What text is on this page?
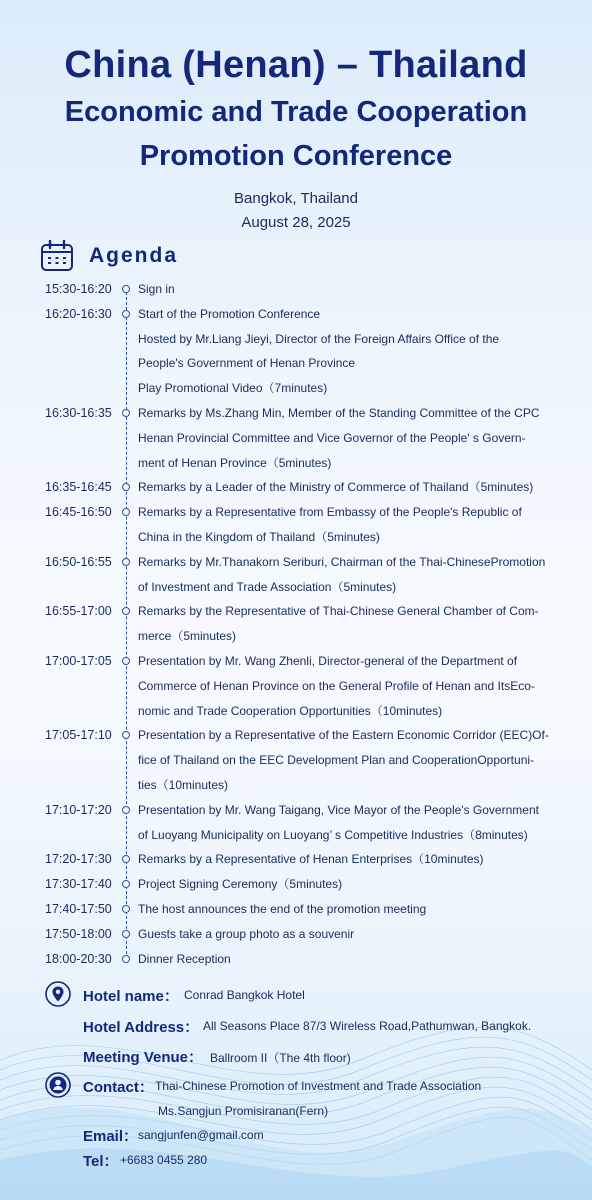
China (Henan) – Thailand
Economic and Trade Cooperation
Promotion Conference
Bangkok, Thailand
August 28, 2025
Agenda
15:30-16:20	Sign in
16:20-16:30	Start of the Promotion Conference
Hosted by Mr.Liang Jieyi, Director of the Foreign Affairs Office of the
People's Government of Henan Province
Play Promotional Video（7minutes)
16:30-16:35	Remarks by Ms.Zhang Min, Member of the Standing Committee of the CPC
Henan Provincial Committee and Vice Governor of the People' s Govern-
ment of Henan Province（5minutes)
16:35-16:45	Remarks by a Leader of the Ministry of Commerce of Thailand（5minutes)
16:45-16:50	Remarks by a Representative from Embassy of the People's Republic of
China in the Kingdom of Thailand（5minutes)
16:50-16:55	Remarks by Mr.Thanakorn Seriburi, Chairman of the Thai-ChinesePromotion
of Investment and Trade Association（5minutes)
16:55-17:00	Remarks by the Representative of Thai-Chinese General Chamber of Com-
merce（5minutes)
17:00-17:05	Presentation by Mr. Wang Zhenli, Director-general of the Department of
Commerce of Henan Province on the General Profile of Henan and ItsEco-
nomic and Trade Cooperation Opportunities（10minutes)
17:05-17:10	Presentation by a Representative of the Eastern Economic Corridor (EEC)Of-
fice of Thailand on the EEC Development Plan and CooperationOpportuni-
ties（10minutes)
17:10-17:20	Presentation by Mr. Wang Taigang, Vice Mayor of the People's Government
of Luoyang Municipality on Luoyang’ s Competitive Industries（8minutes)
17:20-17:30	Remarks by a Representative of Henan Enterprises（10minutes)
17:30-17:40	Project Signing Ceremony（5minutes)
17:40-17:50	The host announces the end of the promotion meeting
17:50-18:00	Guests take a group photo as a souvenir
18:00-20:30	Dinner Reception
Hotel name： Conrad Bangkok Hotel
Hotel Address： All Seasons Place 87/3 Wireless Road,Pathumwan, Bangkok.
Meeting Venue： Ballroom II（The 4th floor)
Contact： Thai-Chinese Promotion of Investment and Trade Association
Ms.Sangjun Promisiranan(Fern)
Email： sangjunfen@gmail.com
Tel： +6683 0455 280
